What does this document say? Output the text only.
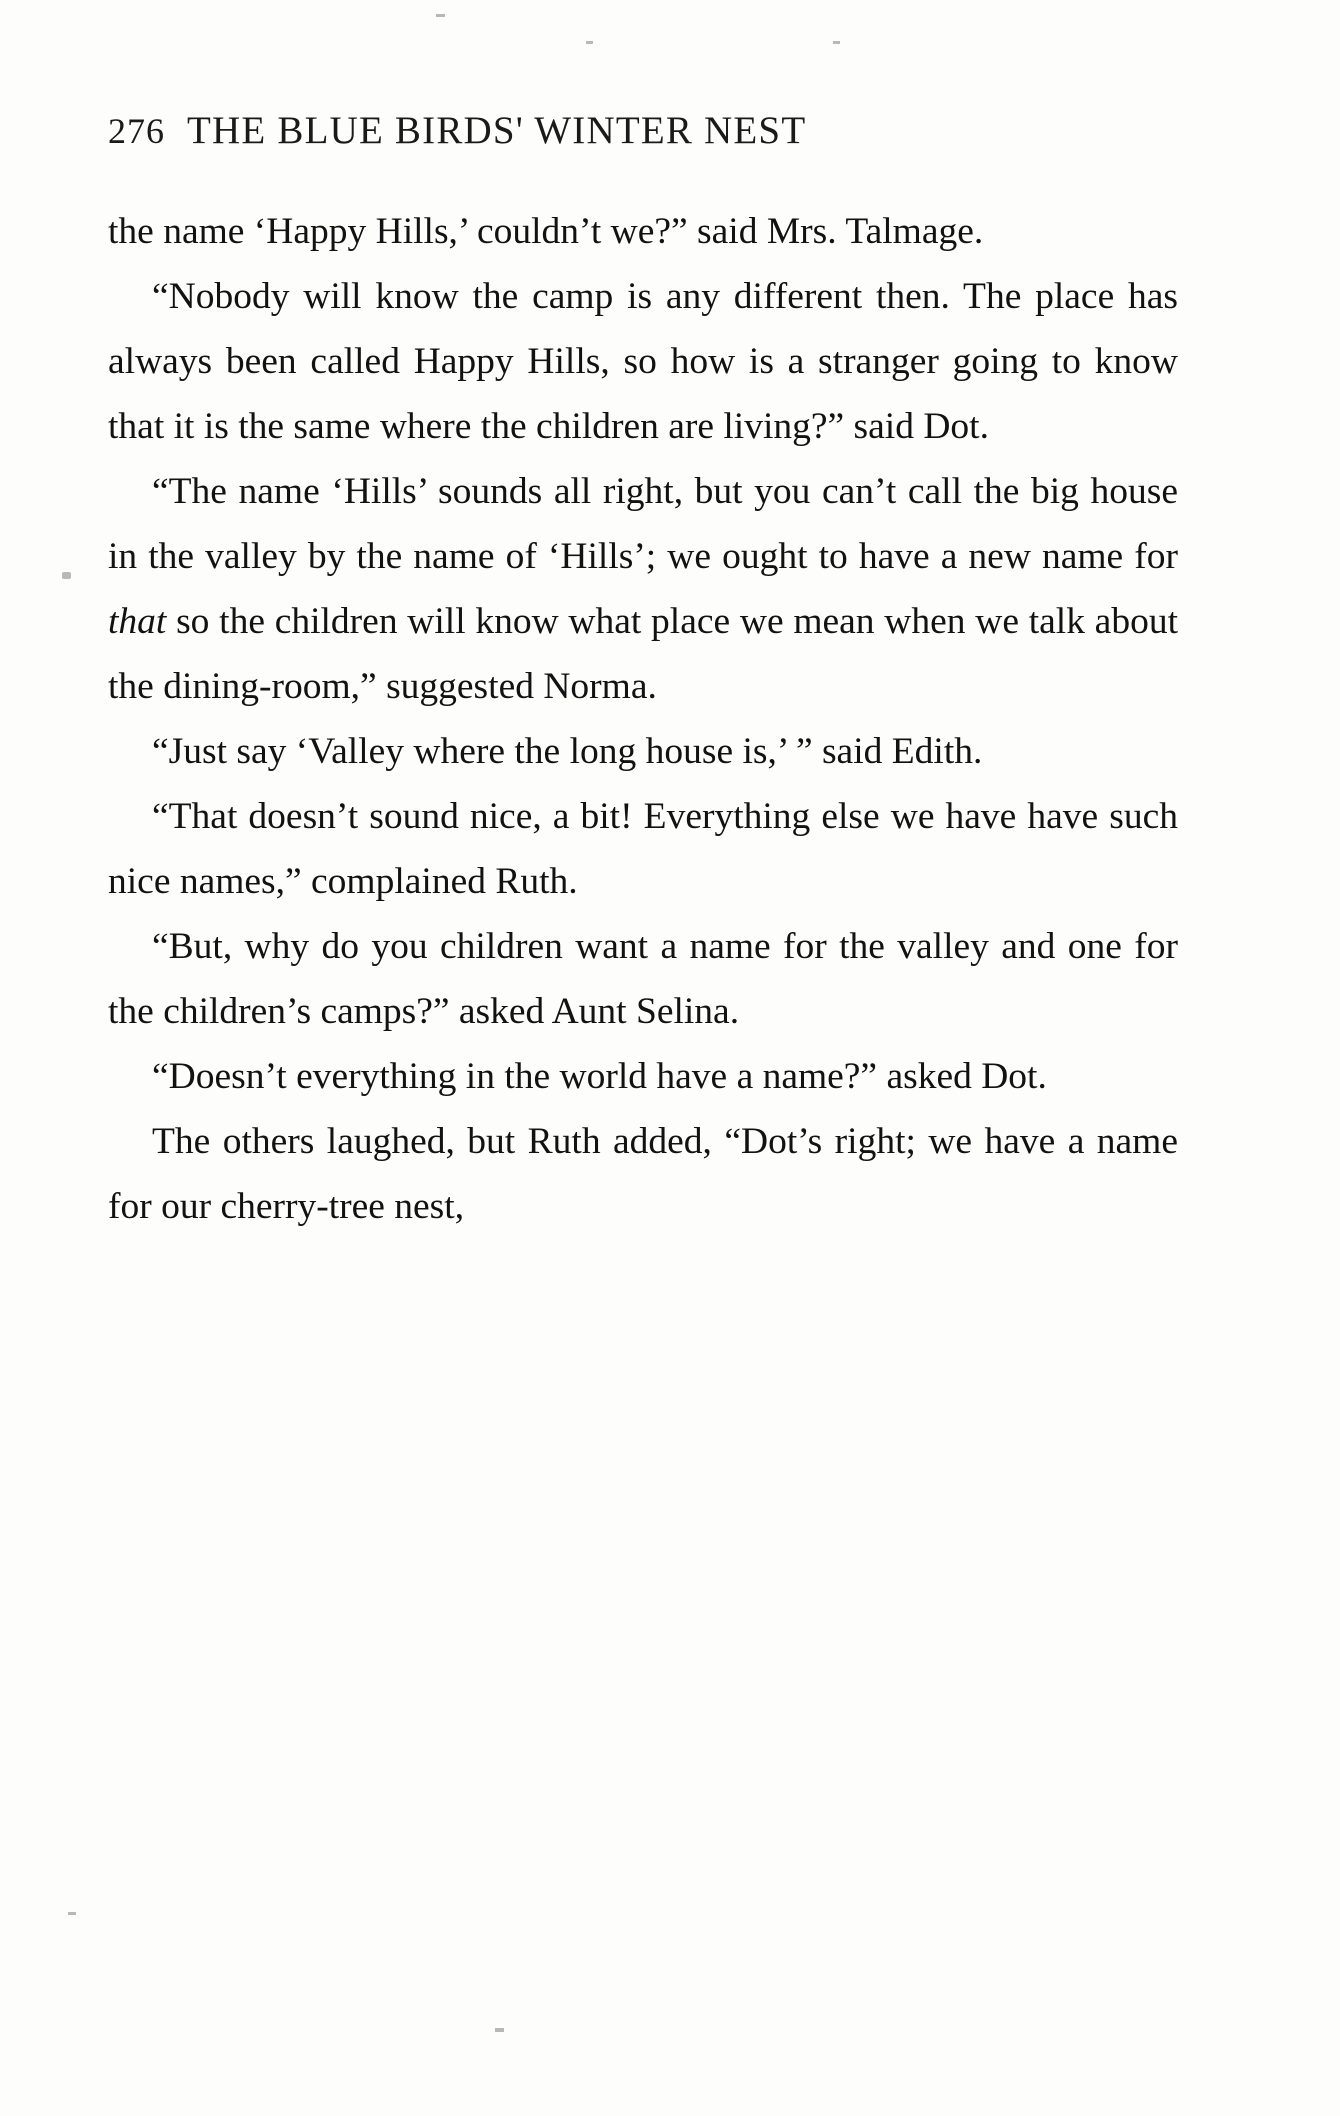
276 THE BLUE BIRDS' WINTER NEST

the name ‘Happy Hills,’ couldn’t we?” said Mrs. Talmage.

“Nobody will know the camp is any different then. The place has always been called Happy Hills, so how is a stranger going to know that it is the same where the children are living?” said Dot.

“The name ‘Hills’ sounds all right, but you can’t call the big house in the valley by the name of ‘Hills’; we ought to have a new name for that so the children will know what place we mean when we talk about the dining-room,” suggested Norma.

“Just say ‘Valley where the long house is,’ ” said Edith.

“That doesn’t sound nice, a bit! Everything else we have have such nice names,” complained Ruth.

“But, why do you children want a name for the valley and one for the children’s camps?” asked Aunt Selina.

“Doesn’t everything in the world have a name?” asked Dot.

The others laughed, but Ruth added, “Dot’s right; we have a name for our cherry-tree nest,
